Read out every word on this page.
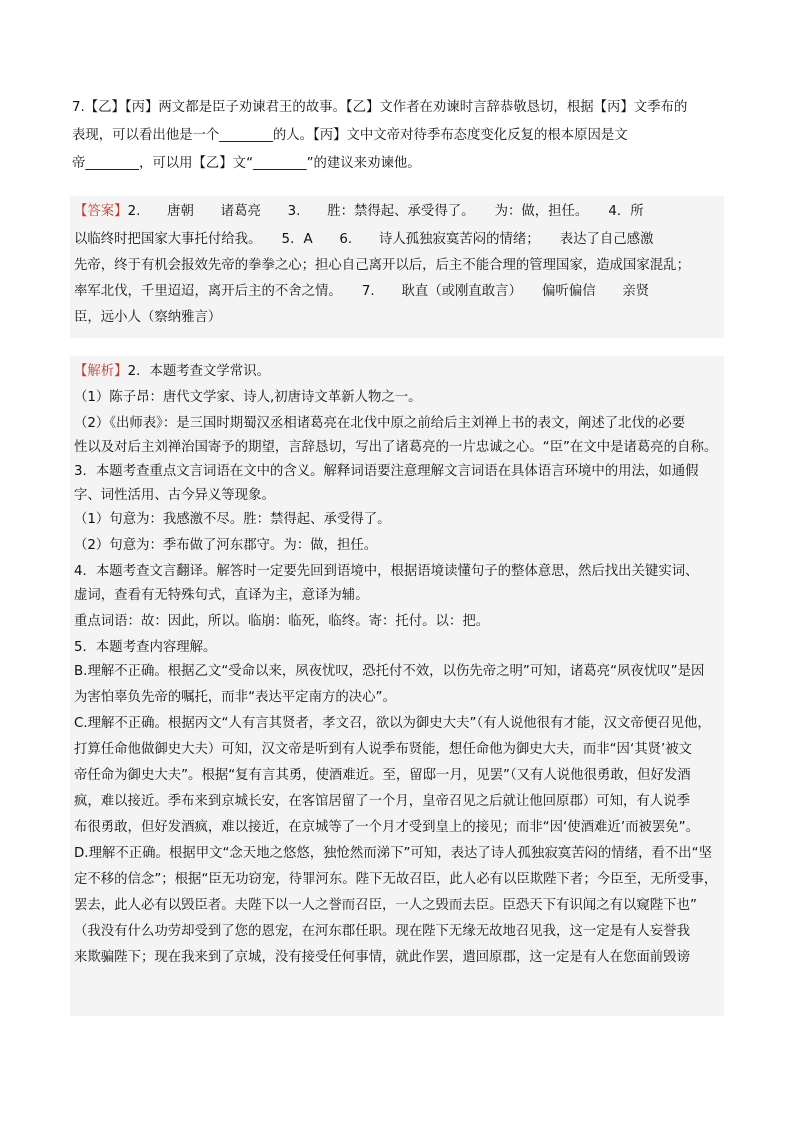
7.【乙】【丙】两文都是臣子劝谏君王的故事。【乙】文作者在劝谏时言辞恭敬恳切，根据【丙】文季布的
表现，可以看出他是一个________的人。【丙】文中文帝对待季布态度变化反复的根本原因是文
帝________，可以用【乙】文“________”的建议来劝谏他。
【答案】2.　　唐朝　　诸葛亮　　3.　　胜：禁得起、承受得了。　　为：做，担任。　　4．所
以临终时把国家大事托付给我。　　5．A　　6.　　诗人孤独寂寞苦闷的情绪；　　表达了自己感激
先帝，终于有机会报效先帝的拳拳之心；担心自己离开以后，后主不能合理的管理国家，造成国家混乱；
率军北伐，千里迢迢，离开后主的不舍之情。　　7.　　耿直（或刚直敢言）　　偏听偏信　　亲贤
臣，远小人（察纳雅言）
【解析】2．本题考查文学常识。
（1）陈子昂：唐代文学家、诗人,初唐诗文革新人物之一。
（2）《出师表》：是三国时期蜀汉丞相诸葛亮在北伐中原之前给后主刘禅上书的表文，阐述了北伐的必要
性以及对后主刘禅治国寄予的期望，言辞恳切，写出了诸葛亮的一片忠诚之心。“臣”在文中是诸葛亮的自称。
3．本题考查重点文言词语在文中的含义。解释词语要注意理解文言词语在具体语言环境中的用法，如通假
字、词性活用、古今异义等现象。
（1）句意为：我感激不尽。胜：禁得起、承受得了。
（2）句意为：季布做了河东郡守。为：做，担任。
4．本题考查文言翻译。解答时一定要先回到语境中，根据语境读懂句子的整体意思，然后找出关键实词、
虚词，查看有无特殊句式，直译为主，意译为辅。
重点词语：故：因此，所以。临崩：临死，临终。寄：托付。以：把。
5．本题考查内容理解。
B.理解不正确。根据乙文“受命以来，夙夜忧叹，恐托付不效，以伤先帝之明”可知，诸葛亮“夙夜忧叹”是因
为害怕辜负先帝的嘱托，而非“表达平定南方的决心”。
C.理解不正确。根据丙文“人有言其贤者，孝文召，欲以为御史大夫”（有人说他很有才能，汉文帝便召见他，
打算任命他做御史大夫）可知，汉文帝是听到有人说季布贤能，想任命他为御史大夫，而非“因‘其贤’被文
帝任命为御史大夫”。根据“复有言其勇，使酒难近。至，留邸一月，见罢”（又有人说他很勇敢，但好发酒
疯，难以接近。季布来到京城长安，在客馆居留了一个月，皇帝召见之后就让他回原郡）可知，有人说季
布很勇敢，但好发酒疯，难以接近，在京城等了一个月才受到皇上的接见；而非“因‘使酒难近’而被罢免”。
D.理解不正确。根据甲文“念天地之悠悠，独怆然而涕下”可知，表达了诗人孤独寂寞苦闷的情绪，看不出“坚
定不移的信念”；根据“臣无功窃宠，待罪河东。陛下无故召臣，此人必有以臣欺陛下者；今臣至，无所受事，
罢去，此人必有以毁臣者。夫陛下以一人之誉而召臣，一人之毁而去臣。臣恐天下有识闻之有以窥陛下也”
（我没有什么功劳却受到了您的恩宠，在河东郡任职。现在陛下无缘无故地召见我，这一定是有人妄誉我
来欺骗陛下；现在我来到了京城，没有接受任何事情，就此作罢，遣回原郡，这一定是有人在您面前毁谤
